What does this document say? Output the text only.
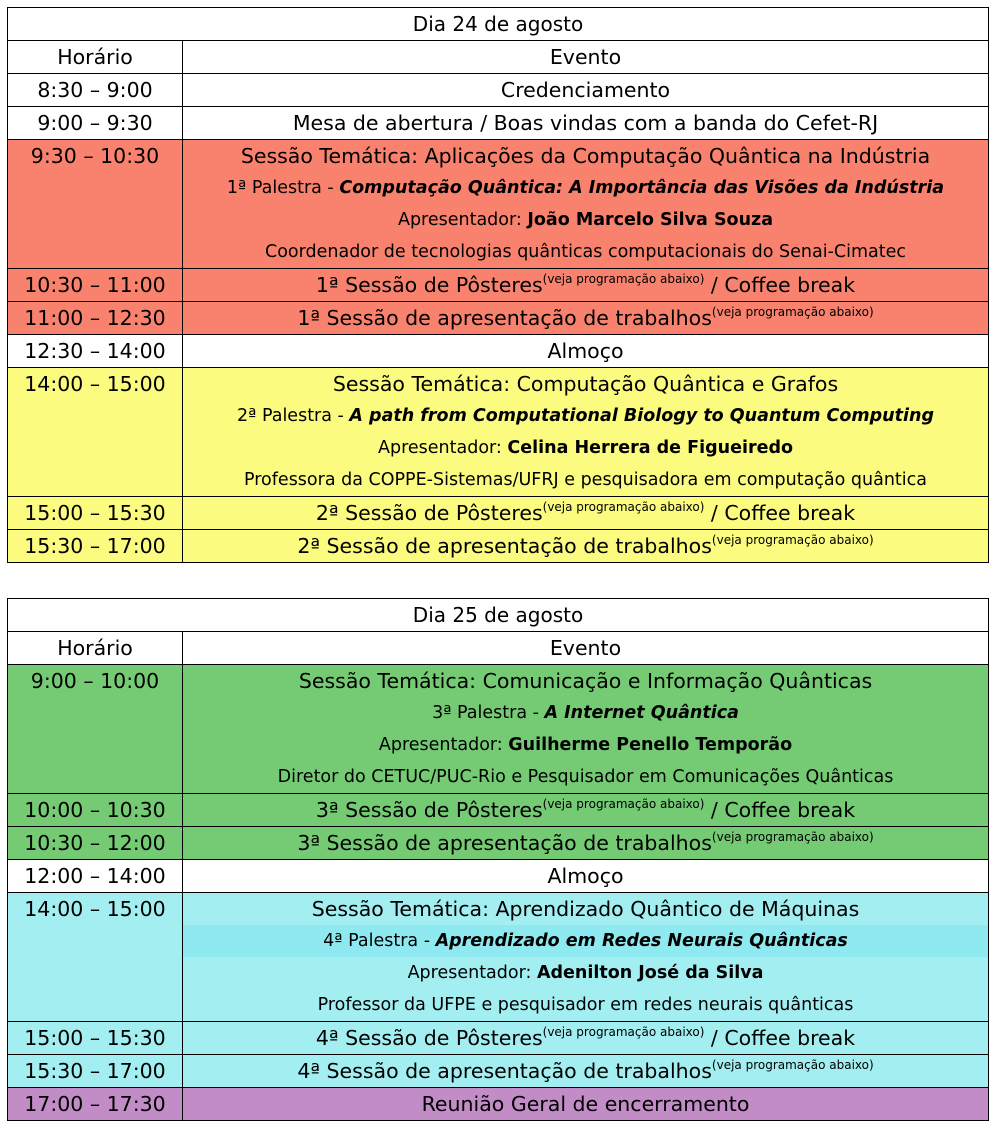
Dia 24 de agosto	
Horário	Evento
8:30 – 9:00	Credenciamento
9:00 – 9:30	Mesa de abertura / Boas vindas com a banda do Cefet-RJ
9:30 – 10:30	Sessão Temática: Aplicações da Computação Quântica na Indústria
1ª Palestra - Computação Quântica: A Importância das Visões da Indústria
Apresentador: João Marcelo Silva Souza
Coordenador de tecnologias quânticas computacionais do Senai-Cimatec

10:30 – 11:00	1ª Sessão de Pôsteres$^{(veja programação abaixo)}$ / Coffee break
11:00 – 12:30	1ª Sessão de apresentação de trabalhos$^{(veja programação abaixo)}$
12:30 – 14:00	Almoço
14:00 – 15:00	Sessão Temática: Computação Quântica e Grafos
2ª Palestra - A path from Computational Biology to Quantum Computing
Apresentador: Celina Herrera de Figueiredo
Professora da COPPE-Sistemas/UFRJ e pesquisadora em computação quântica

15:00 – 15:30	2ª Sessão de Pôsteres$^{(veja programação abaixo)}$ / Coffee break
15:30 – 17:00	2ª Sessão de apresentação de trabalhos$^{(veja programação abaixo)}$
Dia 25 de agosto	
Horário	Evento
9:00 – 10:00	Sessão Temática: Comunicação e Informação Quânticas
3ª Palestra - A Internet Quântica
Apresentador: Guilherme Penello Temporão
Diretor do CETUC/PUC-Rio e Pesquisador em Comunicações Quânticas

10:00 – 10:30	3ª Sessão de Pôsteres$^{(veja programação abaixo)}$ / Coffee break
10:30 – 12:00	3ª Sessão de apresentação de trabalhos$^{(veja programação abaixo)}$
12:00 – 14:00	Almoço
14:00 – 15:00	Sessão Temática: Aprendizado Quântico de Máquinas
4ª Palestra - Aprendizado em Redes Neurais Quânticas
Apresentador: Adenilton José da Silva
Professor da UFPE e pesquisador em redes neurais quânticas

15:00 – 15:30	4ª Sessão de Pôsteres$^{(veja programação abaixo)}$ / Coffee break
15:30 – 17:00	4ª Sessão de apresentação de trabalhos$^{(veja programação abaixo)}$
17:00 – 17:30	Reunião Geral de encerramento
